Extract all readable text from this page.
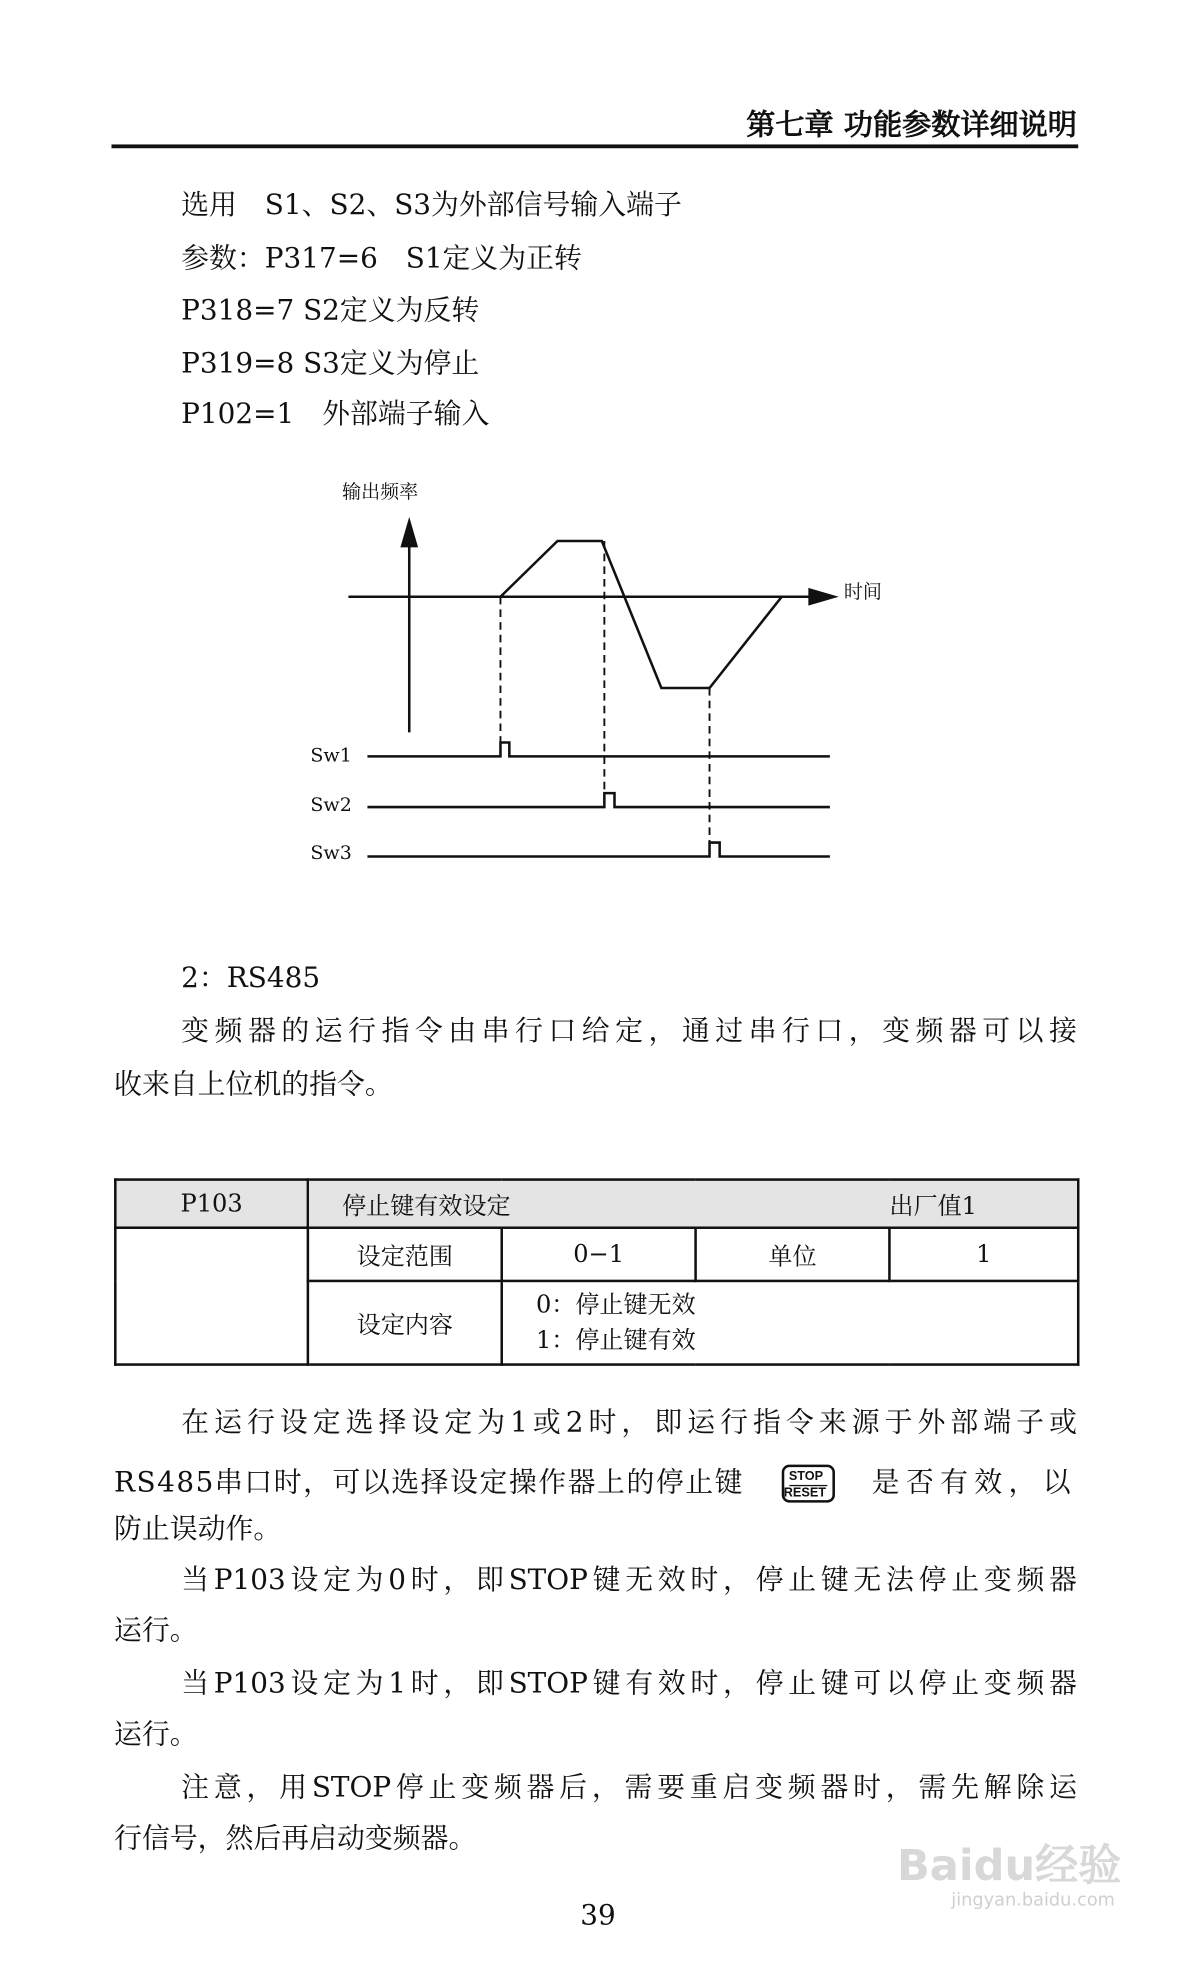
第七章 功能参数详细说明
选用　S1、S2、S3为外部信号输入端子
参数：P317=6　S1定义为正转
P318=7 S2定义为反转
P319=8 S3定义为停止
P102=1　外部端子输入
输出频率
时间
Sw1
Sw2
Sw3
2：RS485
变频器的运行指令由串行口给定，通过串行口，变频器可以接
收来自上位机的指令。
P103	停止键有效设定 出厂值1			

	设定范围	0−1	单位	1
	设定内容	0：停止键无效
1：停止键有效		
在运行设定选择设定为1或2时，即运行指令来源于外部端子或
RS485串口时，可以选择设定操作器上的停止键	STOP
RESET 是否有效，以
防止误动作。
当P103设定为0时，即STOP键无效时，停止键无法停止变频器
运行。
当P103设定为1时，即STOP键有效时，停止键可以停止变频器
运行。
注意，用STOP停止变频器后，需要重启变频器时，需先解除运
行信号，然后再启动变频器。
39
Baidu经验
jingyan.baidu.com
